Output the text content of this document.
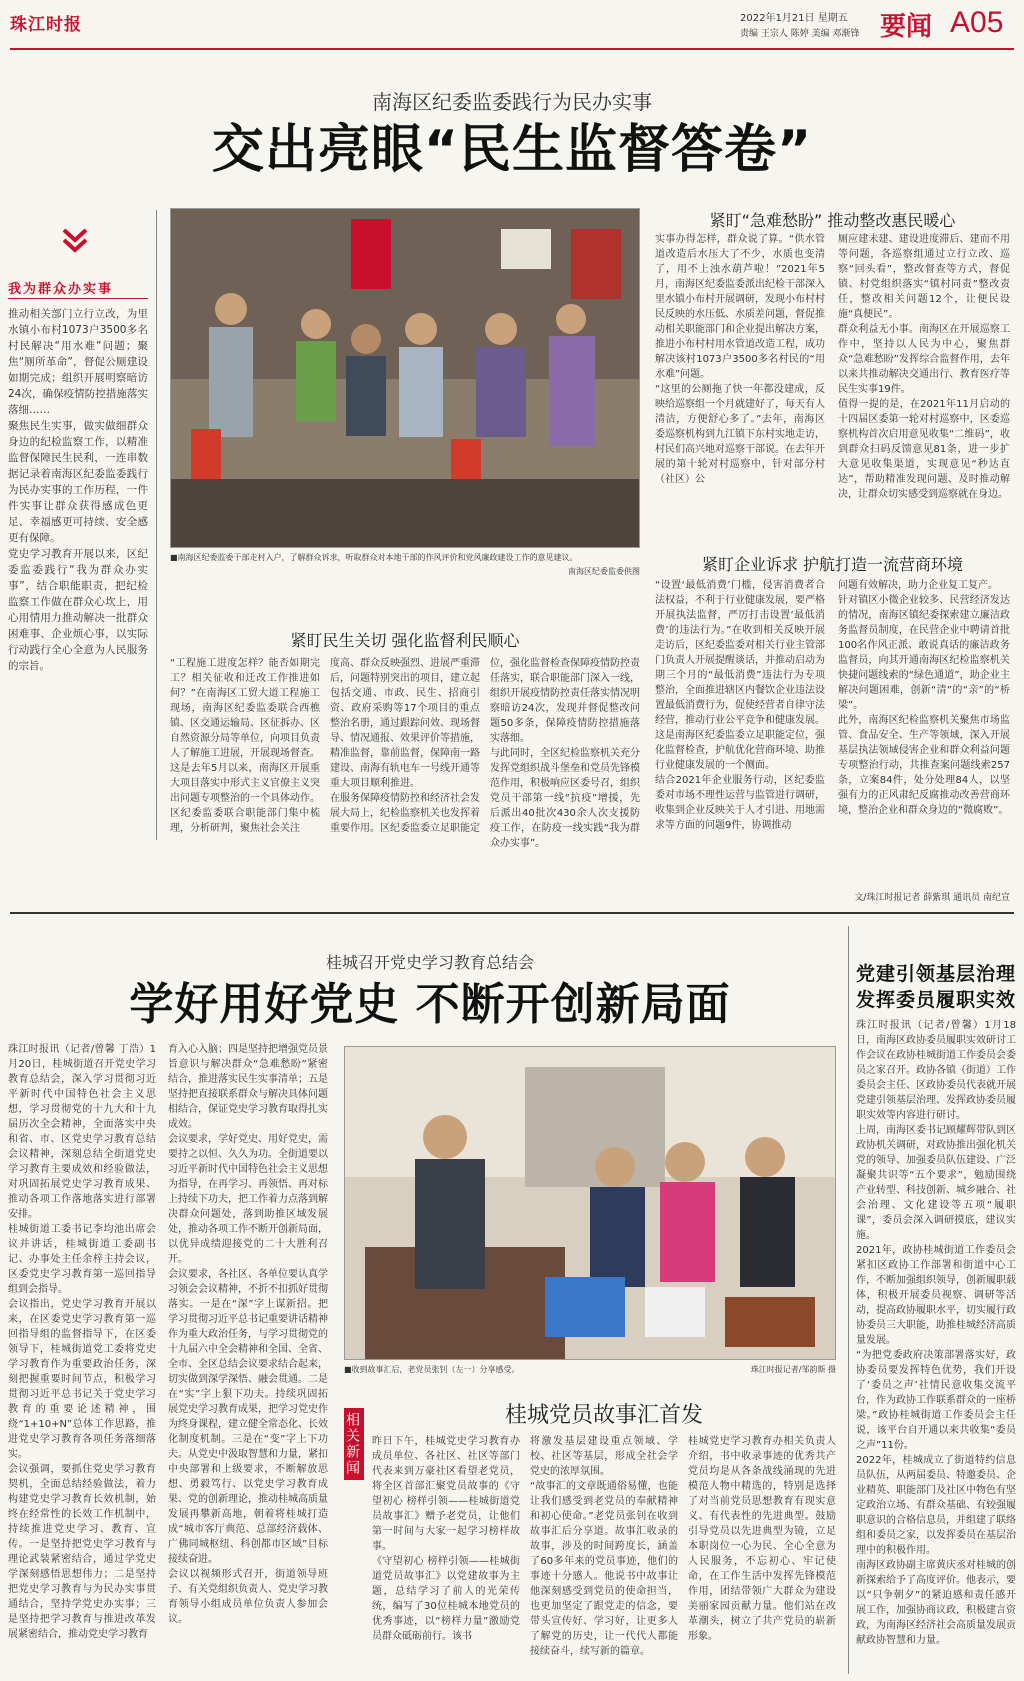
珠江时报	2022年1月21日 星期五
责编 王宗人 陈婷 美编 邓渐锋 要闻 A05
南海区纪委监委践行为民办实事
交出亮眼“民生监督答卷”
我为群众办实事
推动相关部门立行立改，为里水镇小布村1073户3500多名村民解决“用水难”问题；聚焦“厕所革命”，督促公厕建设如期完成；组织开展明察暗访24次，确保疫情防控措施落实落细……
聚焦民生实事，做实做细群众身边的纪检监察工作，以精准监督保障民生民利，一连串数据记录着南海区纪委监委践行为民办实事的工作历程，一件件实事让群众获得感成色更足、幸福感更可持续、安全感更有保障。
党史学习教育开展以来，区纪委监委践行“我为群众办实事”，结合职能职责，把纪检监察工作做在群众心坎上，用心用情用力推动解决一批群众困难事、企业烦心事，以实际行动践行全心全意为人民服务的宗旨。
■南海区纪委监委干部走村入户，了解群众诉求，听取群众对本地干部的作风评价和党风廉政建设工作的意见建议。
南海区纪委监委供图
紧盯“急难愁盼” 推动整改惠民暖心
实事办得怎样，群众说了算。“供水管道改造后水压大了不少，水质也变清了，用不上浊水葫芦啦！”2021年5月，南海区纪委监委派出纪检干部深入里水镇小布村开展调研，发现小布村村民反映的水压低、水质差问题，督促推动相关职能部门和企业提出解决方案，推进小布村村用水管道改造工程，成功解决该村1073户3500多名村民的“用水难”问题。
“这里的公厕拖了快一年都没建成，反映给巡察组一个月就建好了，每天有人清洁，方便舒心多了。”去年，南海区委巡察机构到九江镇下东村实地走访，村民们高兴地对巡察干部说。在去年开展的第十轮对村巡察中，针对部分村（社区）公
厕应建未建、建设进度滞后、建而不用等问题，各巡察组通过立行立改、巡察“回头看”，整改督查等方式，督促镇、村党组织落实“镇村同责”整改责任，整改相关问题12个，让便民设施“真便民”。
群众利益无小事。南海区在开展巡察工作中，坚持以人民为中心，聚焦群众“急难愁盼”发挥综合监督作用，去年以来共推动解决交通出行、教育医疗等民生实事19件。
值得一提的是，在2021年11月启动的十四届区委第一轮对村巡察中，区委巡察机构首次启用意见收集“二维码”，收到群众扫码反馈意见81条，进一步扩大意见收集渠道，实现意见“秒达直达”，帮助精准发现问题、及时推动解决，让群众切实感受到巡察就在身边。
紧盯企业诉求 护航打造一流营商环境
“设置‘最低消费’门槛，侵害消费者合法权益，不利于行业健康发展，要严格开展执法监督，严厉打击设置‘最低消费’的违法行为。”在收到相关反映开展走访后，区纪委监委对相关行业主管部门负责人开展提醒谈话，并推动启动为期三个月的“最低消费”违法行为专项整治，全面推进辖区内餐饮企业违法设置最低消费行为，促使经营者自律守法经营，推动行业公平竞争和健康发展。
这是南海区纪委监委立足职能定位，强化监督检查，护航优化营商环境、助推行业健康发展的一个侧面。
结合2021年企业服务行动，区纪委监委对市场不理性运营与监管进行调研，收集到企业反映关于人才引进、用地需求等方面的问题9件，协调推动
问题有效解决，助力企业复工复产。
针对镇区小微企业较多、民营经济发达的情况，南海区镇纪委探索建立廉洁政务监督员制度，在民营企业中聘请首批100名作风正派、敢说真话的廉洁政务监督员，向其开通南海区纪检监察机关快捷问题线索的“绿色通道”，助企业主解决问题困难，创新“清”的“亲”的“桥梁”。
此外，南海区纪检监察机关聚焦市场监管、食品安全、生产等领域，深入开展基层执法领域侵害企业和群众利益问题专项整治行动，共推查案问题线索257条，立案84件，处分处理84人，以坚强有力的正风肃纪反腐推动改善营商环境，整治企业和群众身边的“微腐败”。
紧盯民生关切 强化监督利民顺心
“工程施工进度怎样？能否如期完工？相关征收和迁改工作推进如何？”在南海区工贸大道工程施工现场，南海区纪委监委联合西樵镇、区交通运输局、区征拆办、区自然资源分局等单位，向项目负责人了解施工进展，开展现场督查。
这是去年5月以来，南海区开展重大项目落实中形式主义官僚主义突出问题专项整治的一个具体动作。区纪委监委联合职能部门集中梳理，分析研判，聚焦社会关注
度高、群众反映强烈、进展严重滞后，问题特别突出的项目，建立起包括交通、市政、民生、招商引资、政府采购等17个项目的重点整治名册，通过跟踪问效、现场督导、情况通报、效果评价等措施，精准监督，靠前监督，保障南一路建设、南海有轨电车一号线开通等重大项目顺利推进。
在服务保障疫情防控和经济社会发展大局上，纪检监察机关也发挥着重要作用。区纪委监委立足职能定
位，强化监督检查保障疫情防控责任落实，联合职能部门深入一线，组织开展疫情防控责任落实情况明察暗访24次，发现并督促整改问题50多条，保障疫情防控措施落实落细。
与此同时，全区纪检监察机关充分发挥党组织战斗堡垒和党员先锋模范作用，积极响应区委号召，组织党员干部第一线“抗疫”增援，先后派出40批次430余人次支援防疫工作，在防疫一线实践“我为群众办实事”。
文/珠江时报记者 薛紫琪 通讯员 南纪宣
桂城召开党史学习教育总结会
学好用好党史 不断开创新局面
珠江时报讯（记者/曾馨 丁浩）1月20日，桂城街道召开党史学习教育总结会，深入学习贯彻习近平新时代中国特色社会主义思想，学习贯彻党的十九大和十九届历次全会精神，全面落实中央和省、市、区党史学习教育总结会议精神，深刻总结全街道党史学习教育主要成效和经验做法，对巩固拓展党史学习教育成果、推动各项工作落地落实进行部署安排。
桂城街道工委书记李均池出席会议并讲话，桂城街道工委副书记、办事处主任余梓主持会议，区委党史学习教育第一巡回指导组到会指导。
会议指出，党史学习教育开展以来，在区委党史学习教育第一巡回指导组的监督指导下，在区委领导下，桂城街道党工委将党史学习教育作为重要政治任务，深刻把握重要时间节点，积极学习贯彻习近平总书记关于党史学习教育的重要论述精神，围绕“1+10+N”总体工作思路，推进党史学习教育各项任务落细落实。
会议强调，要抓住党史学习教育契机，全面总结经验做法，着力构建党史学习教育长效机制，始终在经常性的长效工作机制中，持续推进党史学习、教育、宣传。一是坚持把党史学习教育与理论武装紧密结合，通过学党史学深刻感悟思想伟力；二是坚持把党史学习教育与为民办实事贯通结合，坚持学党史办实事；三是坚持把学习教育与推进改革发展紧密结合，推动党史学习教育
育入心入脑；四是坚持把增强党员景旨意识与解决群众“急难愁盼”紧密结合，推进落实民生实事清单；五是坚持把直接联系群众与解决具体问题相结合，保证党史学习教育取得扎实成效。
会议要求，学好党史、用好党史，需要持之以恒、久久为功。全街道要以习近平新时代中国特色社会主义思想为指导，在再学习、再领悟、再对标上持续下功夫，把工作着力点落到解决群众问题处，落到助推区域发展处，推动各项工作不断开创新局面，以优异成绩迎接党的二十大胜利召开。
会议要求，各社区、各单位要认真学习领会会议精神，不折不扣抓好贯彻落实。一是在“深”字上谋新招。把学习贯彻习近平总书记重要讲话精神作为重大政治任务，与学习贯彻党的十九届六中全会精神和全国、全省、全市、全区总结会议要求结合起来，切实做到深学深悟、融会贯通。二是在“实”字上狠下功夫。持续巩固拓展党史学习教育成果，把学习党史作为终身课程，建立健全常态化、长效化制度机制。三是在“变”字上下功夫。从党史中汲取智慧和力量，紧扣中央部署和上级要求，不断解放思想、勇毅笃行、以党史学习教育成果、党的创新理论，推动桂城高质量发展再攀新高地，朝着将桂城打造成“城市客厅典范、总部经济载体、广佛同城枢纽、科创都市区域”目标接续奋进。
会议以视频形式召开，街道领导班子、有关党组织负责人、党史学习教育领导小组成员单位负责人参加会议。
■收到故事汇后，老党员张钊（左一）分享感受。	珠江时报记者/邹韵斯 摄
相关新闻	桂城党员故事汇首发
昨日下午，桂城党史学习教育办成员单位、各社区、社区等部门代表来到万豪社区看望老党员，将全区首部汇聚党员故事的《守望初心 榜样引领——桂城街道党员故事汇》赠予老党员，让他们第一时间与大家一起学习榜样故事。
《守望初心 榜样引领——桂城街道党员故事汇》以党建故事为主题，总结学习了前人的光荣传统，编写了30位桂城本地党员的优秀事迹，以“榜样力量”激励党员群众砥砺前行。该书
将激发基层建设重点领域、学校、社区等基层，形成全社会学党史的浓厚氛围。
“故事汇的文章既通俗易懂，也能让我们感受到老党员的奉献精神和初心使命。”老党员张钊在收到故事汇后分享道。故事汇收录的故事，涉及的时间跨度长，涵盖了60多年来的党员事迹，他们的事迹十分感人。他说书中故事让他深刻感受到党员的使命担当，也更加坚定了跟党走的信念，要带头宣传好、学习好，让更多人了解党的历史，让一代代人都能接续奋斗，续写新的篇章。
桂城党史学习教育办相关负责人介绍，书中收录事迹的优秀共产党员均是从各条战线涌现的先进模范人物中精选的，特别是选择了对当前党员思想教育有现实意义、有代表性的先进典型。鼓励引导党员以先进典型为镜，立足本职岗位一心为民、全心全意为人民服务，不忘初心、牢记使命，在工作生活中发挥先锋模范作用，团结带领广大群众为建设美丽家园贡献力量。他们站在改革潮头，树立了共产党员的崭新形象。
党建引领基层治理
发挥委员履职实效
珠江时报讯（记者/曾馨）1月18日，南海区政协委员履职实效研讨工作会议在政协桂城街道工作委员会委员之家召开。政协各镇（街道）工作委员会主任、区政协委员代表就开展党建引领基层治理、发挥政协委员履职实效等内容进行研讨。
上周，南海区委书记顾耀辉带队到区政协机关调研，对政协推出强化机关党的领导、加强委员队伍建设、广泛凝聚共识等“五个要求”，勉励围绕产业转型、科技创新、城乡融合、社会治理、文化建设等五项“履职课”，委员会深入调研摸底，建议实施。
2021年，政协桂城街道工作委员会紧扣区政协工作部署和街道中心工作，不断加强组织领导，创新履职载体，积极开展委员视察、调研等活动，提高政协履职水平，切实履行政协委员三大职能，助推桂城经济高质量发展。
“为把党委政府决策部署落实好，政协委员要发挥特色优势，我们开设了‘委员之声’社情民意收集交流平台，作为政协工作联系群众的一座桥梁。”政协桂城街道工作委员会主任说，该平台自开通以来共收集“委员之声”11份。
2022年，桂城成立了街道特约信息员队伍，从两届委员、特邀委员、企业精英、职能部门及社区中物色有坚定政治立场、有群众基础、有较强履职意识的合格信息员，并组建了联络组和委员之家，以发挥委员在基层治理中的积极作用。
南海区政协副主席黄庆丞对桂城的创新探索给予了高度评价。他表示，要以“只争朝夕”的紧迫感和责任感开展工作，加强协商议政，积极建言资政，为南海区经济社会高质量发展贡献政协智慧和力量。
